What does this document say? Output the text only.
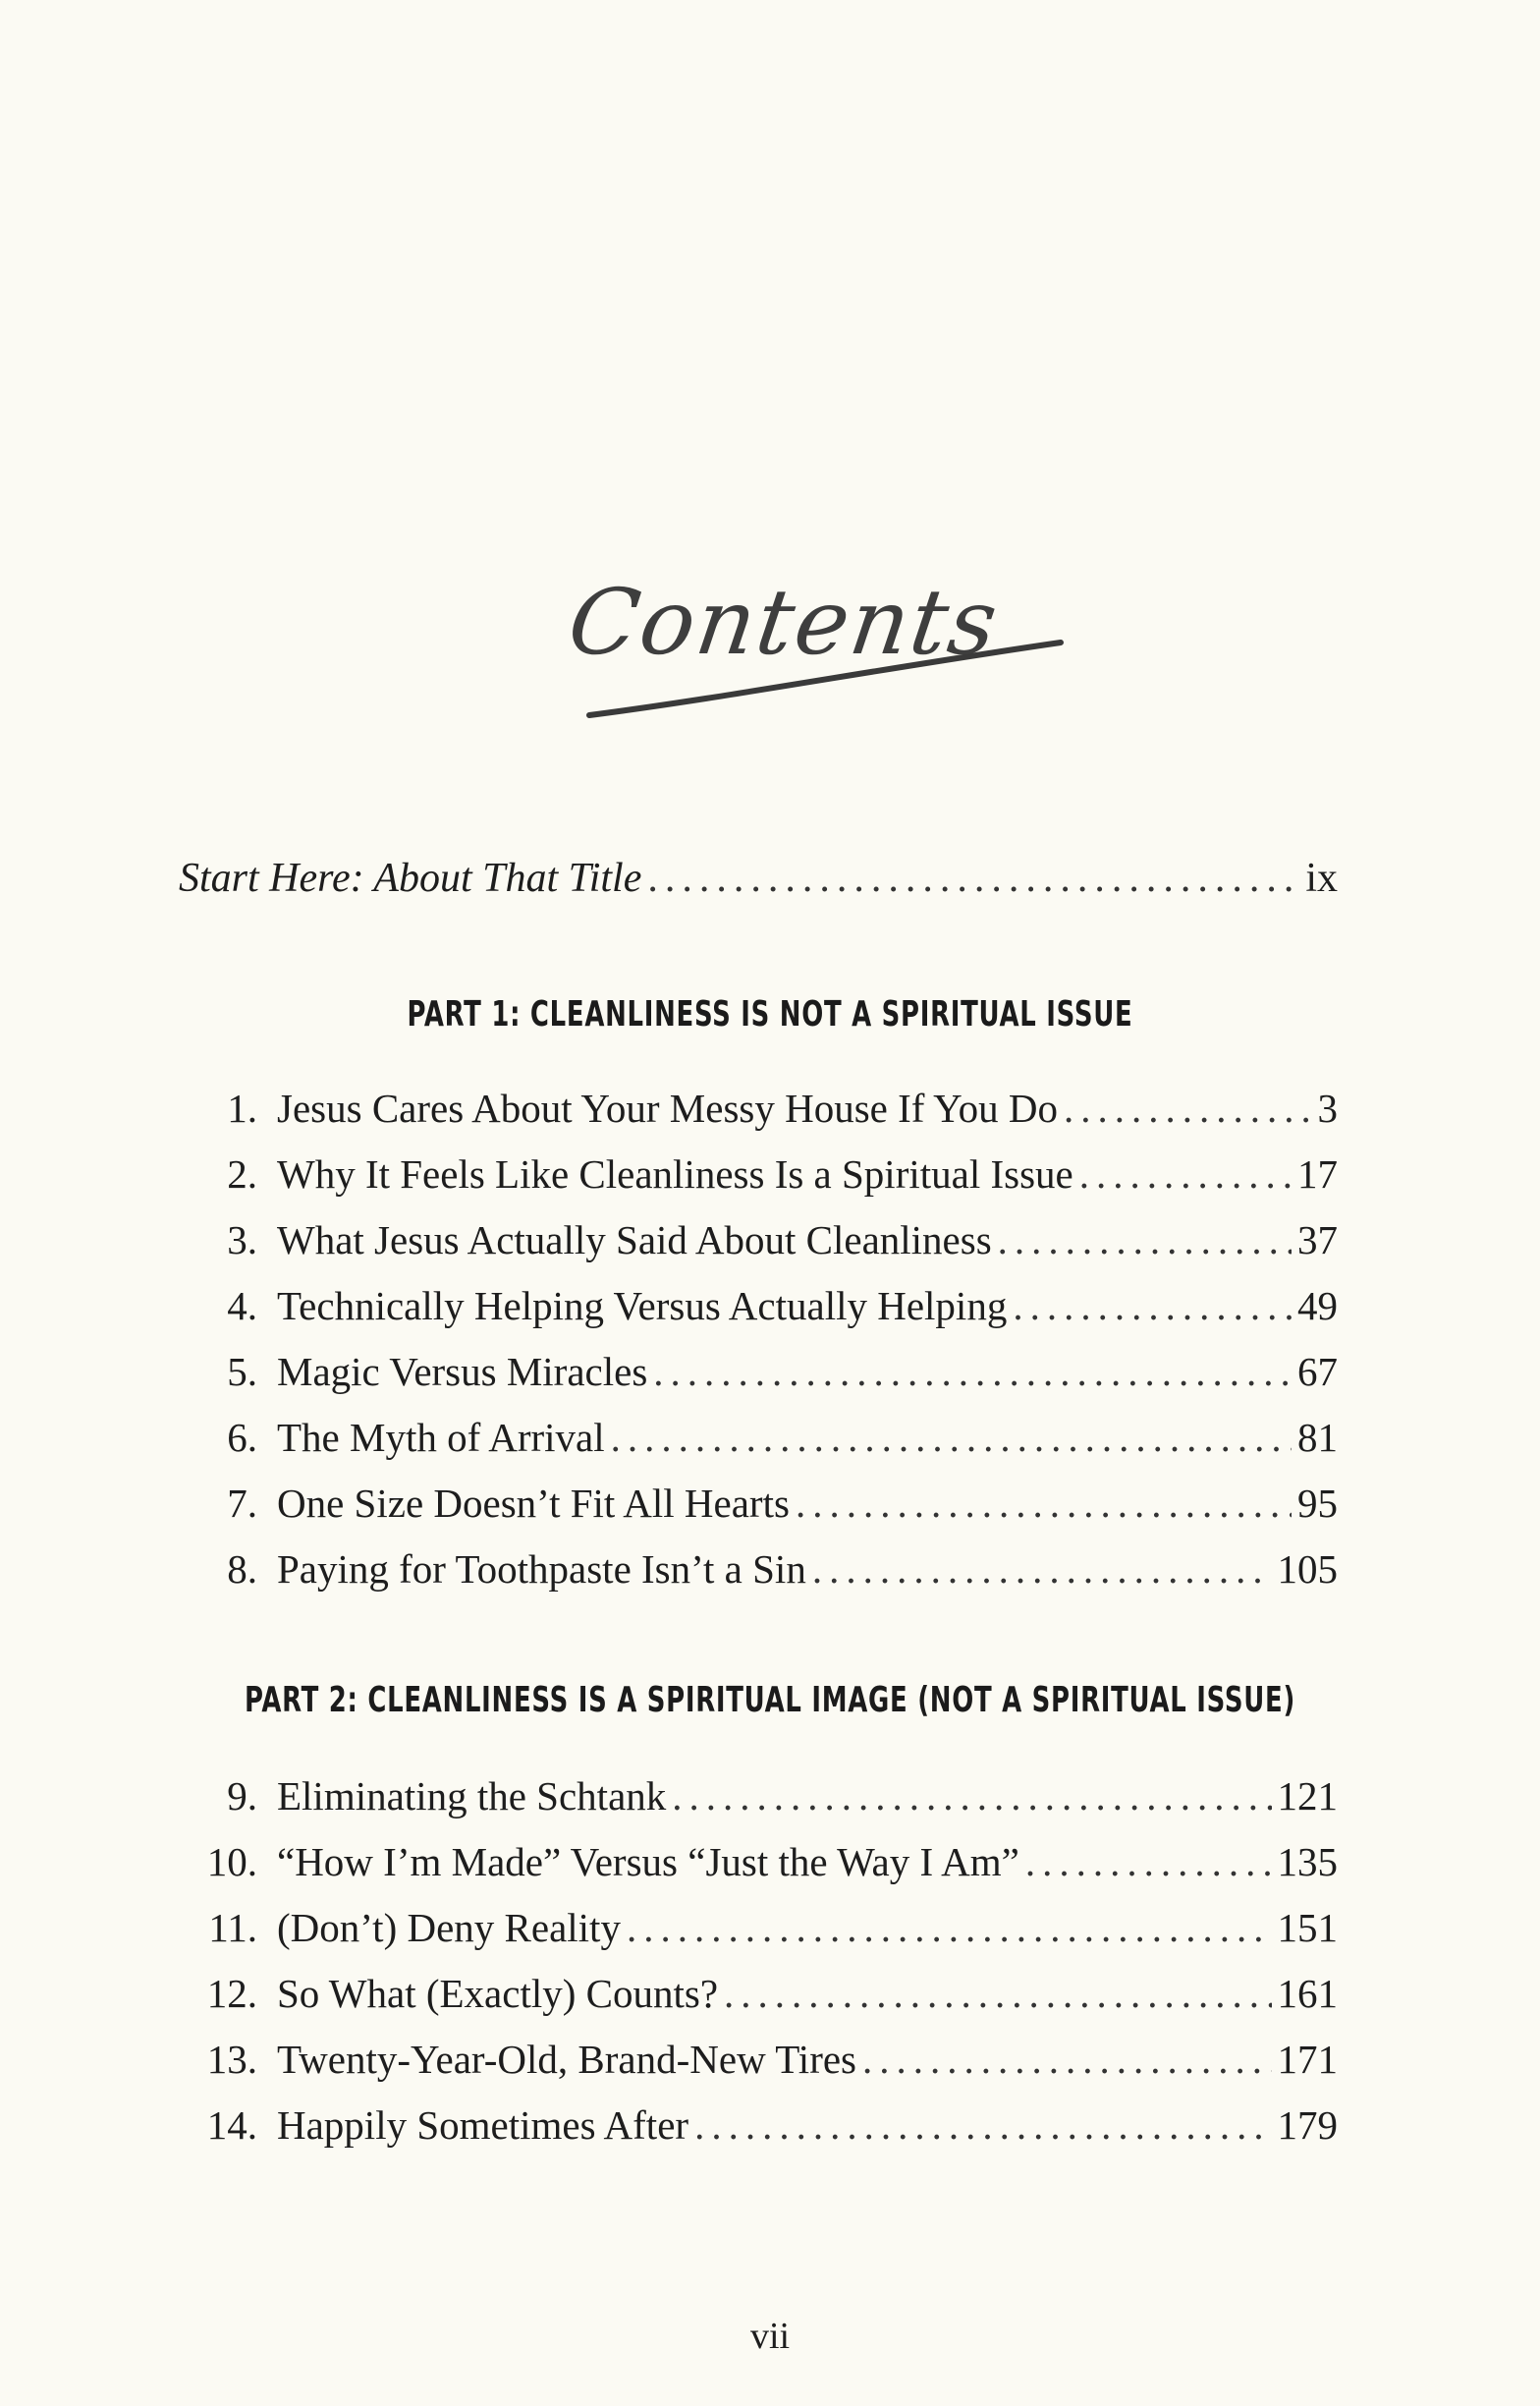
Contents
Start Here: About That Title .....	ix
PART 1: CLEANLINESS IS NOT A SPIRITUAL ISSUE
1. Jesus Cares About Your Messy House If You Do .....	3
2. Why It Feels Like Cleanliness Is a Spiritual Issue .....	17
3. What Jesus Actually Said About Cleanliness .....	37
4. Technically Helping Versus Actually Helping .....	49
5. Magic Versus Miracles .....	67
6. The Myth of Arrival .....	81
7. One Size Doesn’t Fit All Hearts .....	95
8. Paying for Toothpaste Isn’t a Sin .....	105
PART 2: CLEANLINESS IS A SPIRITUAL IMAGE (NOT A SPIRITUAL ISSUE)
9. Eliminating the Schtank .....	121
10. “How I’m Made” Versus “Just the Way I Am” .....	135
11. (Don’t) Deny Reality .....	151
12. So What (Exactly) Counts? .....	161
13. Twenty-Year-Old, Brand-New Tires .....	171
14. Happily Sometimes After .....	179
vii
